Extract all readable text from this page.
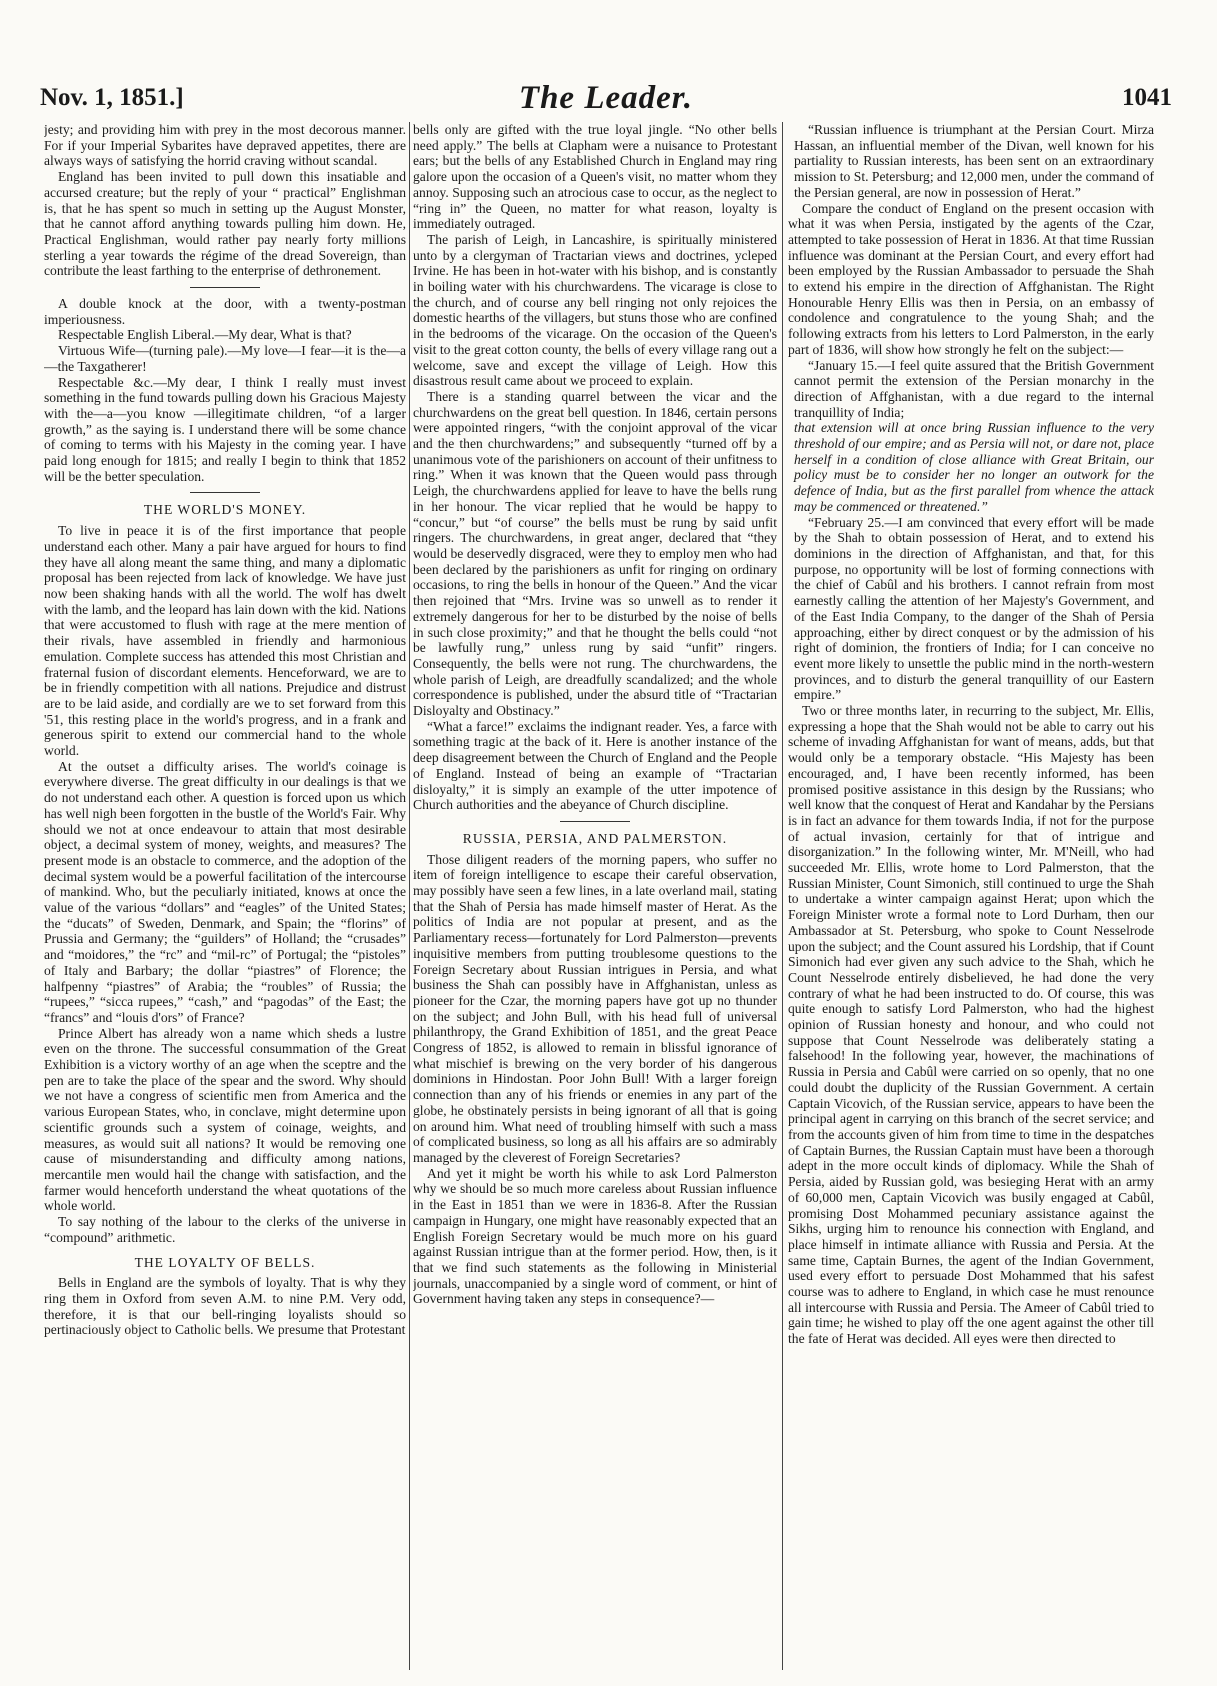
Nov. 1, 1851.]	The Leader.	1041

jesty; and providing him with prey in the most decorous manner. For if your Imperial Sybarites have depraved appetites, there are always ways of satisfying the horrid craving without scandal.

England has been invited to pull down this insatiable and accursed creature; but the reply of your “ practical” Englishman is, that he has spent so much in setting up the August Monster, that he cannot afford anything towards pulling him down. He, Practical Englishman, would rather pay nearly forty millions sterling a year towards the régime of the dread Sovereign, than contribute the least farthing to the enterprise of dethronement.

A double knock at the door, with a twenty-postman imperiousness.

Respectable English Liberal.—My dear, What is that?

Virtuous Wife—(turning pale).—My love—I fear—it is the—a—the Taxgatherer!

Respectable &c.—My dear, I think I really must invest something in the fund towards pulling down his Gracious Majesty with the—a—you know —illegitimate children, “of a larger growth,” as the saying is. I understand there will be some chance of coming to terms with his Majesty in the coming year. I have paid long enough for 1815; and really I begin to think that 1852 will be the better speculation.

THE WORLD'S MONEY.

To live in peace it is of the first importance that people understand each other. Many a pair have argued for hours to find they have all along meant the same thing, and many a diplomatic proposal has been rejected from lack of knowledge. We have just now been shaking hands with all the world. The wolf has dwelt with the lamb, and the leopard has lain down with the kid. Nations that were accustomed to flush with rage at the mere mention of their rivals, have assembled in friendly and harmonious emulation. Complete success has attended this most Christian and fraternal fusion of discordant elements. Henceforward, we are to be in friendly competition with all nations. Prejudice and distrust are to be laid aside, and cordially are we to set forward from this '51, this resting place in the world's progress, and in a frank and generous spirit to extend our commercial hand to the whole world.

At the outset a difficulty arises. The world's coinage is everywhere diverse. The great difficulty in our dealings is that we do not understand each other. A question is forced upon us which has well nigh been forgotten in the bustle of the World's Fair. Why should we not at once endeavour to attain that most desirable object, a decimal system of money, weights, and measures? The present mode is an obstacle to commerce, and the adoption of the decimal system would be a powerful facilitation of the intercourse of mankind. Who, but the peculiarly initiated, knows at once the value of the various “dollars” and “eagles” of the United States; the “ducats” of Sweden, Denmark, and Spain; the “florins” of Prussia and Germany; the “guilders” of Holland; the “crusades” and “moidores,” the “rc” and “mil-rc” of Portugal; the “pistoles” of Italy and Barbary; the dollar “piastres” of Florence; the halfpenny “piastres” of Arabia; the “roubles” of Russia; the “rupees,” “sicca rupees,” “cash,” and “pagodas” of the East; the “francs” and “louis d'ors” of France?

Prince Albert has already won a name which sheds a lustre even on the throne. The successful consummation of the Great Exhibition is a victory worthy of an age when the sceptre and the pen are to take the place of the spear and the sword. Why should we not have a congress of scientific men from America and the various European States, who, in conclave, might determine upon scientific grounds such a system of coinage, weights, and measures, as would suit all nations? It would be removing one cause of misunderstanding and difficulty among nations, mercantile men would hail the change with satisfaction, and the farmer would henceforth understand the wheat quotations of the whole world.

To say nothing of the labour to the clerks of the universe in “compound” arithmetic.

THE LOYALTY OF BELLS.

Bells in England are the symbols of loyalty. That is why they ring them in Oxford from seven A.M. to nine P.M. Very odd, therefore, it is that our bell-ringing loyalists should so pertinaciously object to Catholic bells. We presume that Protestant

bells only are gifted with the true loyal jingle. “No other bells need apply.” The bells at Clapham were a nuisance to Protestant ears; but the bells of any Established Church in England may ring galore upon the occasion of a Queen's visit, no matter whom they annoy. Supposing such an atrocious case to occur, as the neglect to “ring in” the Queen, no matter for what reason, loyalty is immediately outraged.

The parish of Leigh, in Lancashire, is spiritually ministered unto by a clergyman of Tractarian views and doctrines, ycleped Irvine. He has been in hot-water with his bishop, and is constantly in boiling water with his churchwardens. The vicarage is close to the church, and of course any bell ringing not only rejoices the domestic hearths of the villagers, but stuns those who are confined in the bedrooms of the vicarage. On the occasion of the Queen's visit to the great cotton county, the bells of every village rang out a welcome, save and except the village of Leigh. How this disastrous result came about we proceed to explain.

There is a standing quarrel between the vicar and the churchwardens on the great bell question. In 1846, certain persons were appointed ringers, “with the conjoint approval of the vicar and the then churchwardens;” and subsequently “turned off by a unanimous vote of the parishioners on account of their unfitness to ring.” When it was known that the Queen would pass through Leigh, the churchwardens applied for leave to have the bells rung in her honour. The vicar replied that he would be happy to “concur,” but “of course” the bells must be rung by said unfit ringers. The churchwardens, in great anger, declared that “they would be deservedly disgraced, were they to employ men who had been declared by the parishioners as unfit for ringing on ordinary occasions, to ring the bells in honour of the Queen.” And the vicar then rejoined that “Mrs. Irvine was so unwell as to render it extremely dangerous for her to be disturbed by the noise of bells in such close proximity;” and that he thought the bells could “not be lawfully rung,” unless rung by said “unfit” ringers. Consequently, the bells were not rung. The churchwardens, the whole parish of Leigh, are dreadfully scandalized; and the whole correspondence is published, under the absurd title of “Tractarian Disloyalty and Obstinacy.”

“What a farce!” exclaims the indignant reader. Yes, a farce with something tragic at the back of it. Here is another instance of the deep disagreement between the Church of England and the People of England. Instead of being an example of “Tractarian disloyalty,” it is simply an example of the utter impotence of Church authorities and the abeyance of Church discipline.

RUSSIA, PERSIA, AND PALMERSTON.

Those diligent readers of the morning papers, who suffer no item of foreign intelligence to escape their careful observation, may possibly have seen a few lines, in a late overland mail, stating that the Shah of Persia has made himself master of Herat. As the politics of India are not popular at present, and as the Parliamentary recess—fortunately for Lord Palmerston—prevents inquisitive members from putting troublesome questions to the Foreign Secretary about Russian intrigues in Persia, and what business the Shah can possibly have in Affghanistan, unless as pioneer for the Czar, the morning papers have got up no thunder on the subject; and John Bull, with his head full of universal philanthropy, the Grand Exhibition of 1851, and the great Peace Congress of 1852, is allowed to remain in blissful ignorance of what mischief is brewing on the very border of his dangerous dominions in Hindostan. Poor John Bull! With a larger foreign connection than any of his friends or enemies in any part of the globe, he obstinately persists in being ignorant of all that is going on around him. What need of troubling himself with such a mass of complicated business, so long as all his affairs are so admirably managed by the cleverest of Foreign Secretaries?

And yet it might be worth his while to ask Lord Palmerston why we should be so much more careless about Russian influence in the East in 1851 than we were in 1836-8. After the Russian campaign in Hungary, one might have reasonably expected that an English Foreign Secretary would be much more on his guard against Russian intrigue than at the former period. How, then, is it that we find such statements as the following in Ministerial journals, unaccompanied by a single word of comment, or hint of Government having taken any steps in consequence?—

“Russian influence is triumphant at the Persian Court. Mirza Hassan, an influential member of the Divan, well known for his partiality to Russian interests, has been sent on an extraordinary mission to St. Petersburg; and 12,000 men, under the command of the Persian general, are now in possession of Herat.”

Compare the conduct of England on the present occasion with what it was when Persia, instigated by the agents of the Czar, attempted to take possession of Herat in 1836. At that time Russian influence was dominant at the Persian Court, and every effort had been employed by the Russian Ambassador to persuade the Shah to extend his empire in the direction of Affghanistan. The Right Honourable Henry Ellis was then in Persia, on an embassy of condolence and congratulence to the young Shah; and the following extracts from his letters to Lord Palmerston, in the early part of 1836, will show how strongly he felt on the subject:—

“January 15.—I feel quite assured that the British Government cannot permit the extension of the Persian monarchy in the direction of Affghanistan, with a due regard to the internal tranquillity of India;

that extension will at once bring Russian influence to the very threshold of our empire; and as Persia will not, or dare not, place herself in a condition of close alliance with Great Britain, our policy must be to consider her no longer an outwork for the defence of India, but as the first parallel from whence the attack may be commenced or threatened.”

“February 25.—I am convinced that every effort will be made by the Shah to obtain possession of Herat, and to extend his dominions in the direction of Affghanistan, and that, for this purpose, no opportunity will be lost of forming connections with the chief of Cabûl and his brothers. I cannot refrain from most earnestly calling the attention of her Majesty's Government, and of the East India Company, to the danger of the Shah of Persia approaching, either by direct conquest or by the admission of his right of dominion, the frontiers of India; for I can conceive no event more likely to unsettle the public mind in the north-western provinces, and to disturb the general tranquillity of our Eastern empire.”

Two or three months later, in recurring to the subject, Mr. Ellis, expressing a hope that the Shah would not be able to carry out his scheme of invading Affghanistan for want of means, adds, but that would only be a temporary obstacle. “His Majesty has been encouraged, and, I have been recently informed, has been promised positive assistance in this design by the Russians; who well know that the conquest of Herat and Kandahar by the Persians is in fact an advance for them towards India, if not for the purpose of actual invasion, certainly for that of intrigue and disorganization.” In the following winter, Mr. M'Neill, who had succeeded Mr. Ellis, wrote home to Lord Palmerston, that the Russian Minister, Count Simonich, still continued to urge the Shah to undertake a winter campaign against Herat; upon which the Foreign Minister wrote a formal note to Lord Durham, then our Ambassador at St. Petersburg, who spoke to Count Nesselrode upon the subject; and the Count assured his Lordship, that if Count Simonich had ever given any such advice to the Shah, which he Count Nesselrode entirely disbelieved, he had done the very contrary of what he had been instructed to do. Of course, this was quite enough to satisfy Lord Palmerston, who had the highest opinion of Russian honesty and honour, and who could not suppose that Count Nesselrode was deliberately stating a falsehood! In the following year, however, the machinations of Russia in Persia and Cabûl were carried on so openly, that no one could doubt the duplicity of the Russian Government. A certain Captain Vicovich, of the Russian service, appears to have been the principal agent in carrying on this branch of the secret service; and from the accounts given of him from time to time in the despatches of Captain Burnes, the Russian Captain must have been a thorough adept in the more occult kinds of diplomacy. While the Shah of Persia, aided by Russian gold, was besieging Herat with an army of 60,000 men, Captain Vicovich was busily engaged at Cabûl, promising Dost Mohammed pecuniary assistance against the Sikhs, urging him to renounce his connection with England, and place himself in intimate alliance with Russia and Persia. At the same time, Captain Burnes, the agent of the Indian Government, used every effort to persuade Dost Mohammed that his safest course was to adhere to England, in which case he must renounce all intercourse with Russia and Persia. The Ameer of Cabûl tried to gain time; he wished to play off the one agent against the other till the fate of Herat was decided. All eyes were then directed to
